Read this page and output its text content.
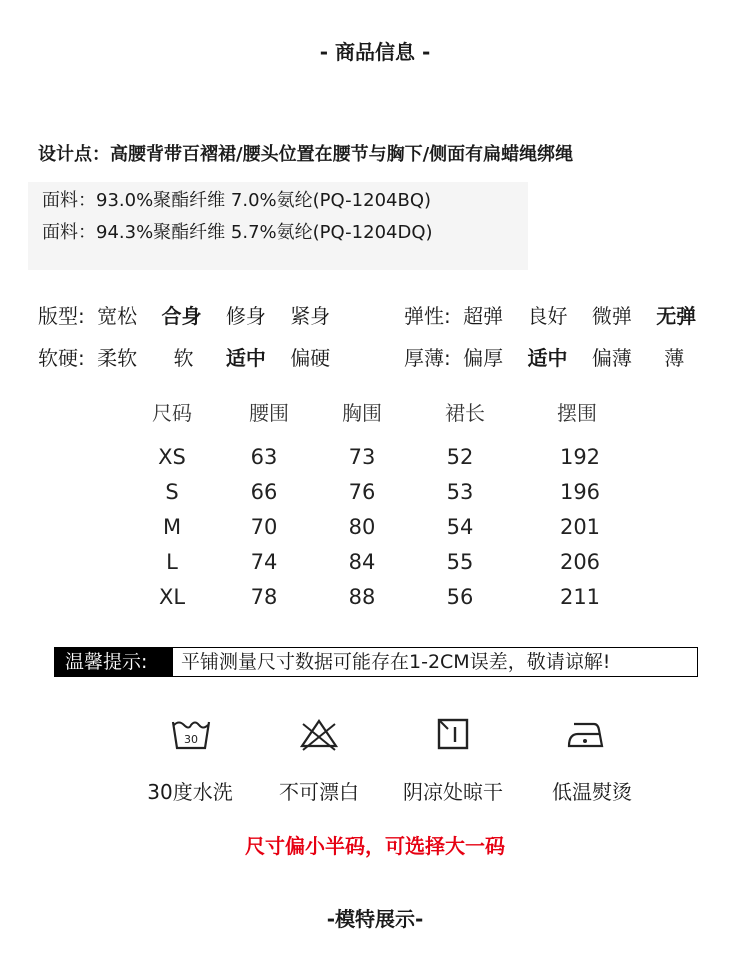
- 商品信息 -
设计点：高腰背带百褶裙/腰头位置在腰节与胸下/侧面有扁蜡绳绑绳
面料：93.0%聚酯纤维 7.0%氨纶(PQ-1204BQ)
面料：94.3%聚酯纤维 5.7%氨纶(PQ-1204DQ)
版型: 宽松 合身 修身 紧身	弹性: 超弹 良好 微弹 无弹
软硬: 柔软 软 适中 偏硬	厚薄: 偏厚 适中 偏薄 薄
尺码	腰围	胸围	裙长	摆围
XS	63	73	52	192
S	66	76	53	196
M	70	80	54	201
L	74	84	55	206
XL	78	88	56	211
温馨提示:	平铺测量尺寸数据可能存在1-2CM误差，敬请谅解!
30
30度水洗	不可漂白	阴凉处晾干	低温熨烫
尺寸偏小半码，可选择大一码
-模特展示-
